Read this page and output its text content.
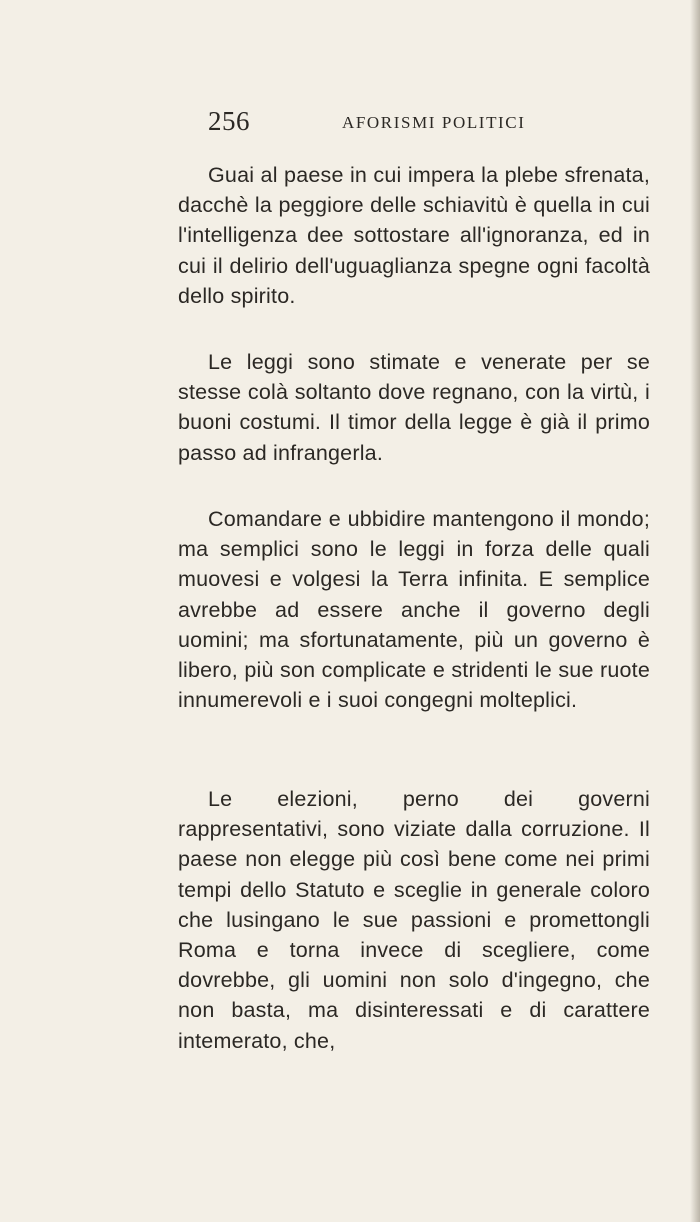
256	AFORISMI POLITICI

Guai al paese in cui impera la plebe sfrenata, dacchè la peggiore delle schiavitù è quella in cui l'intelligenza dee sottostare all'ignoranza, ed in cui il delirio dell'uguaglianza spegne ogni facoltà dello spirito.

Le leggi sono stimate e venerate per se stesse colà soltanto dove regnano, con la virtù, i buoni costumi. Il timor della legge è già il primo passo ad infrangerla.

Comandare e ubbidire mantengono il mondo; ma semplici sono le leggi in forza delle quali muovesi e volgesi la Terra infinita. E semplice avrebbe ad essere anche il governo degli uomini; ma sfortunatamente, più un governo è libero, più son complicate e stridenti le sue ruote innumerevoli e i suoi congegni molteplici.

Le elezioni, perno dei governi rappresentativi, sono viziate dalla corruzione. Il paese non elegge più così bene come nei primi tempi dello Statuto e sceglie in generale coloro che lusingano le sue passioni e promettongli Roma e torna invece di scegliere, come dovrebbe, gli uomini non solo d'ingegno, che non basta, ma disinteressati e di carattere intemerato, che,
